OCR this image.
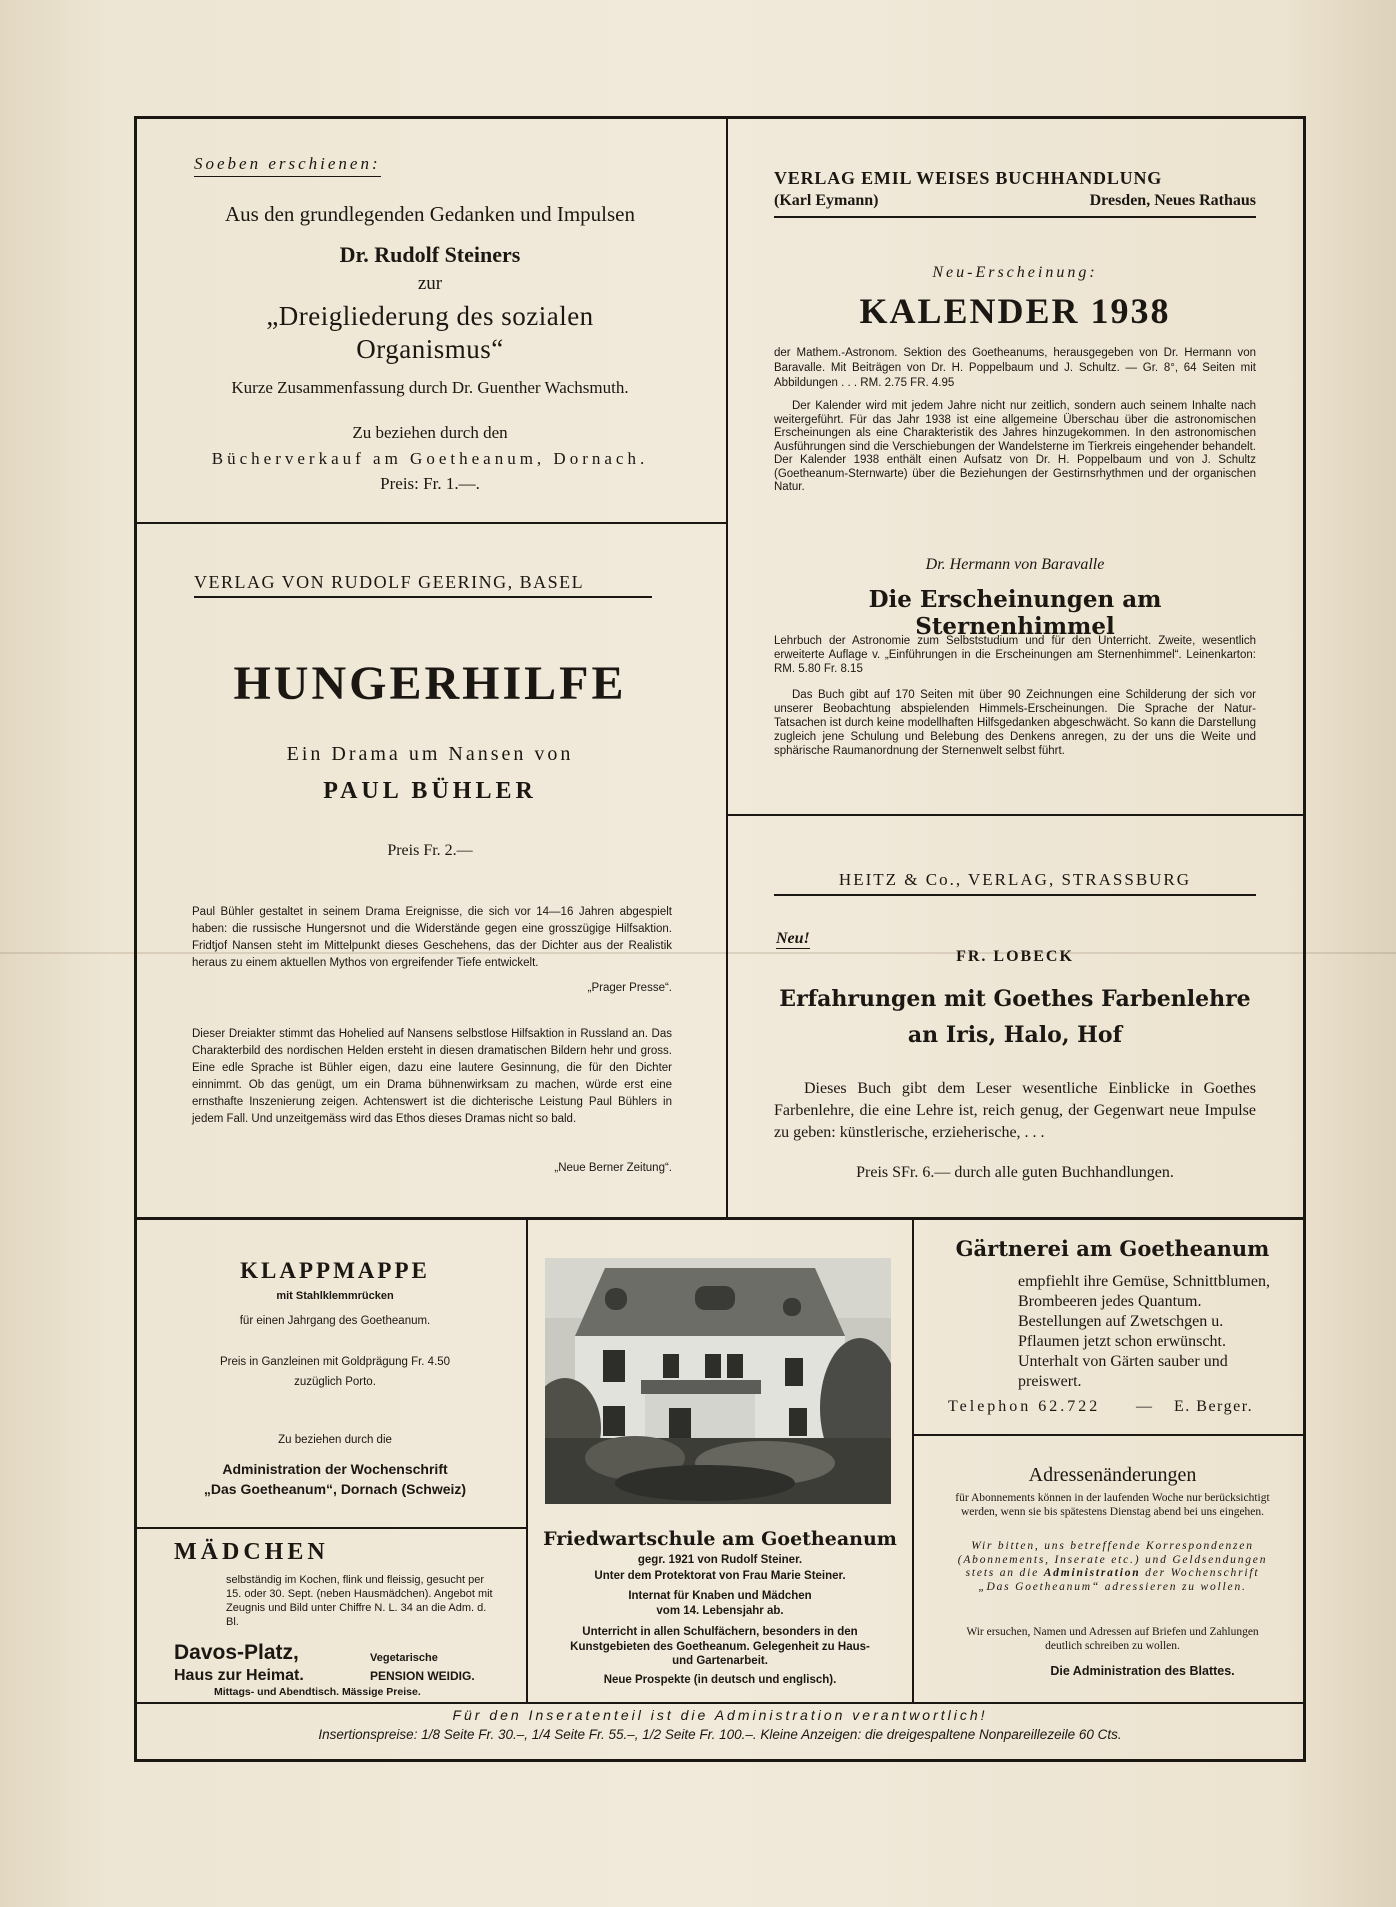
Soeben erschienen:
Aus den grundlegenden Gedanken und Impulsen
Dr. Rudolf Steiners
zur
„Dreigliederung des sozialen Organismus“
Kurze Zusammenfassung durch Dr. Guenther Wachsmuth.
Zu beziehen durch den
Bücherverkauf am Goetheanum, Dornach.
Preis: Fr. 1.—.
VERLAG EMIL WEISES BUCHHANDLUNG
(Karl Eymann)	Dresden, Neues Rathaus
Neu-Erscheinung:
KALENDER 1938
der Mathem.-Astronom. Sektion des Goetheanums, herausgegeben von Dr. Hermann von Baravalle. Mit Beiträgen von Dr. H. Poppelbaum und J. Schultz. — Gr. 8°, 64 Seiten mit Abbildungen . . . RM. 2.75 FR. 4.95
Der Kalender wird mit jedem Jahre nicht nur zeitlich, sondern auch seinem Inhalte nach weitergeführt. Für das Jahr 1938 ist eine allgemeine Überschau über die astronomischen Erscheinungen als eine Charakteristik des Jahres hinzugekommen. In den astronomischen Ausführungen sind die Verschiebungen der Wandelsterne im Tierkreis eingehender behandelt. Der Kalender 1938 enthält einen Aufsatz von Dr. H. Poppelbaum und von J. Schultz (Goetheanum-Sternwarte) über die Beziehungen der Gestirnsrhythmen und der organischen Natur.
VERLAG VON RUDOLF GEERING, BASEL
HUNGERHILFE
Ein Drama um Nansen von
PAUL BÜHLER
Preis Fr. 2.—
Paul Bühler gestaltet in seinem Drama Ereignisse, die sich vor 14—16 Jahren abgespielt haben: die russische Hungersnot und die Widerstände gegen eine grosszügige Hilfsaktion. Fridtjof Nansen steht im Mittelpunkt dieses Geschehens, das der Dichter aus der Realistik heraus zu einem aktuellen Mythos von ergreifender Tiefe entwickelt.
„Prager Presse“.
Dieser Dreiakter stimmt das Hohelied auf Nansens selbstlose Hilfsaktion in Russland an. Das Charakterbild des nordischen Helden ersteht in diesen dramatischen Bildern hehr und gross. Eine edle Sprache ist Bühler eigen, dazu eine lautere Gesinnung, die für den Dichter einnimmt. Ob das genügt, um ein Drama bühnenwirksam zu machen, würde erst eine ernsthafte Inszenierung zeigen. Achtenswert ist die dichterische Leistung Paul Bühlers in jedem Fall. Und unzeitgemäss wird das Ethos dieses Dramas nicht so bald.
„Neue Berner Zeitung“.
Dr. Hermann von Baravalle
Die Erscheinungen am Sternenhimmel
Lehrbuch der Astronomie zum Selbststudium und für den Unterricht. Zweite, wesentlich erweiterte Auflage v. „Einführungen in die Erscheinungen am Sternenhimmel“. Leinenkarton: RM. 5.80 Fr. 8.15
Das Buch gibt auf 170 Seiten mit über 90 Zeichnungen eine Schilderung der sich vor unserer Beobachtung abspielenden Himmels-Erscheinungen. Die Sprache der Natur-Tatsachen ist durch keine modellhaften Hilfsgedanken abgeschwächt. So kann die Darstellung zugleich jene Schulung und Belebung des Denkens anregen, zu der uns die Weite und sphärische Raumanordnung der Sternenwelt selbst führt.
HEITZ & Co., VERLAG, STRASSBURG
Neu!
FR. LOBECK
Erfahrungen mit Goethes Farbenlehre
an Iris, Halo, Hof
Dieses Buch gibt dem Leser wesentliche Einblicke in Goethes Farbenlehre, die eine Lehre ist, reich genug, der Gegenwart neue Impulse zu geben: künstlerische, erzieherische, . . .
Preis SFr. 6.— durch alle guten Buchhandlungen.
KLAPPMAPPE
mit Stahlklemmrücken
für einen Jahrgang des Goetheanum.
Preis in Ganzleinen mit Goldprägung Fr. 4.50
zuzüglich Porto.
Zu beziehen durch die
Administration der Wochenschrift
„Das Goetheanum“, Dornach (Schweiz)
MÄDCHEN
selbständig im Kochen, flink und fleissig, gesucht per 15. oder 30. Sept. (neben Hausmädchen). Angebot mit Zeugnis und Bild unter Chiffre N. L. 34 an die Adm. d. Bl.
Davos-Platz,	Vegetarische
Haus zur Heimat.	PENSION WEIDIG.
Mittags- und Abendtisch. Mässige Preise.
Friedwartschule am Goetheanum
gegr. 1921 von Rudolf Steiner.
Unter dem Protektorat von Frau Marie Steiner.
Internat für Knaben und Mädchen
vom 14. Lebensjahr ab.
Unterricht in allen Schulfächern, besonders in den Kunstgebieten des Goetheanum. Gelegenheit zu Haus- und Gartenarbeit.
Neue Prospekte (in deutsch und englisch).
Gärtnerei am Goetheanum
empfiehlt ihre Gemüse, Schnittblumen, Brombeeren jedes Quantum. Bestellungen auf Zwetschgen u. Pflaumen jetzt schon erwünscht. Unterhalt von Gärten sauber und preiswert.
Telephon 62.722 — E. Berger.
Adressenänderungen
für Abonnements können in der laufenden Woche nur berücksichtigt werden, wenn sie bis spätestens Dienstag abend bei uns eingehen.
Wir bitten, uns betreffende Korrespondenzen (Abonnements, Inserate etc.) und Geldsendungen stets an die Administration der Wochenschrift „Das Goetheanum“ adressieren zu wollen.
Wir ersuchen, Namen und Adressen auf Briefen und Zahlungen deutlich schreiben zu wollen.
Die Administration des Blattes.
Für den Inseratenteil ist die Administration verantwortlich!
Insertionspreise: 1/8 Seite Fr. 30.–, 1/4 Seite Fr. 55.–, 1/2 Seite Fr. 100.–. Kleine Anzeigen: die dreigespaltene Nonpareillezeile 60 Cts.
